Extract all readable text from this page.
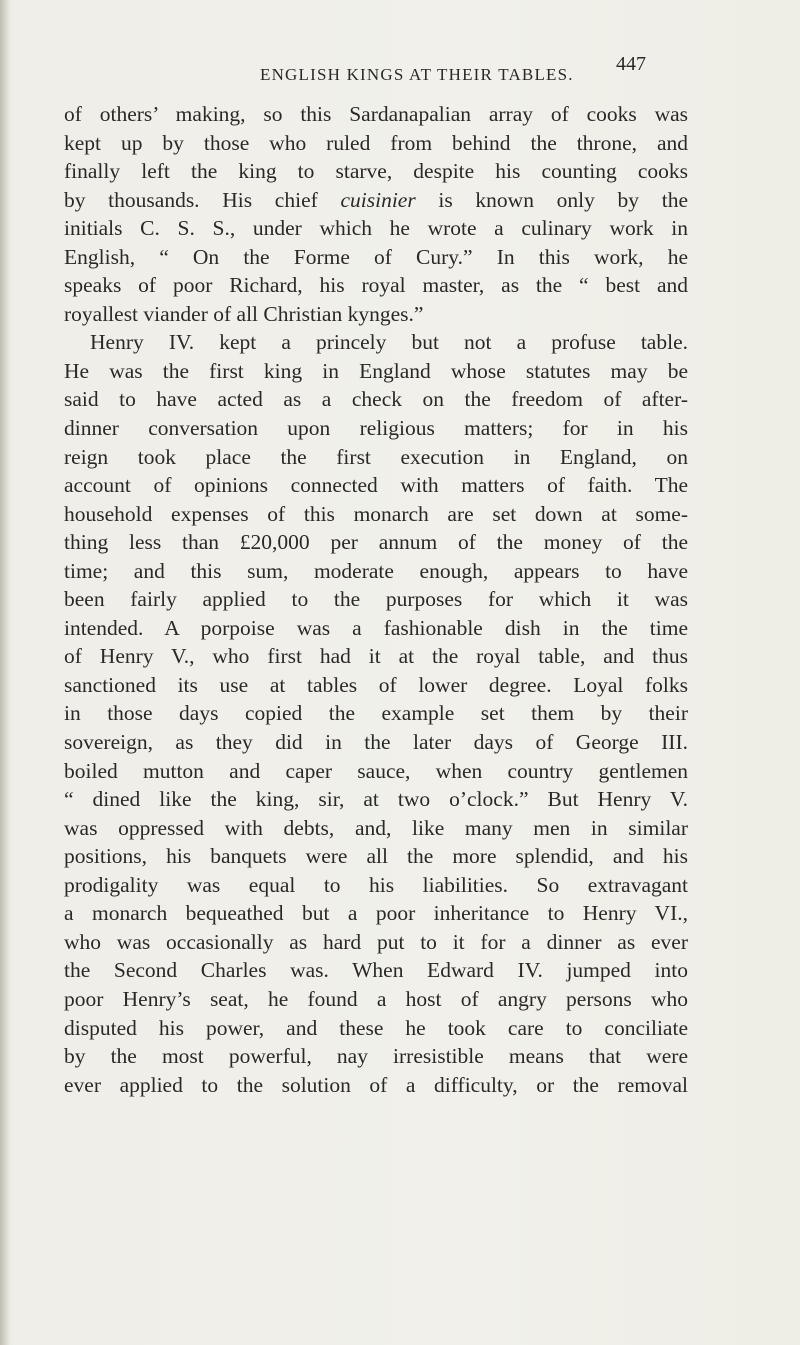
ENGLISH KINGS AT THEIR TABLES. 447
of others’ making, so this Sardanapalian array of cooks was
kept up by those who ruled from behind the throne, and
finally left the king to starve, despite his counting cooks
by thousands. His chief cuisinier is known only by the
initials C. S. S., under which he wrote a culinary work in
English, “ On the Forme of Cury.” In this work, he
speaks of poor Richard, his royal master, as the “ best and
royallest viander of all Christian kynges.”
Henry IV. kept a princely but not a profuse table.
He was the first king in England whose statutes may be
said to have acted as a check on the freedom of after-
dinner conversation upon religious matters; for in his
reign took place the first execution in England, on
account of opinions connected with matters of faith. The
household expenses of this monarch are set down at some-
thing less than £20,000 per annum of the money of the
time; and this sum, moderate enough, appears to have
been fairly applied to the purposes for which it was
intended. A porpoise was a fashionable dish in the time
of Henry V., who first had it at the royal table, and thus
sanctioned its use at tables of lower degree. Loyal folks
in those days copied the example set them by their
sovereign, as they did in the later days of George III.
boiled mutton and caper sauce, when country gentlemen
“ dined like the king, sir, at two o’clock.” But Henry V.
was oppressed with debts, and, like many men in similar
positions, his banquets were all the more splendid, and his
prodigality was equal to his liabilities. So extravagant
a monarch bequeathed but a poor inheritance to Henry VI.,
who was occasionally as hard put to it for a dinner as ever
the Second Charles was. When Edward IV. jumped into
poor Henry’s seat, he found a host of angry persons who
disputed his power, and these he took care to conciliate
by the most powerful, nay irresistible means that were
ever applied to the solution of a difficulty, or the removal
